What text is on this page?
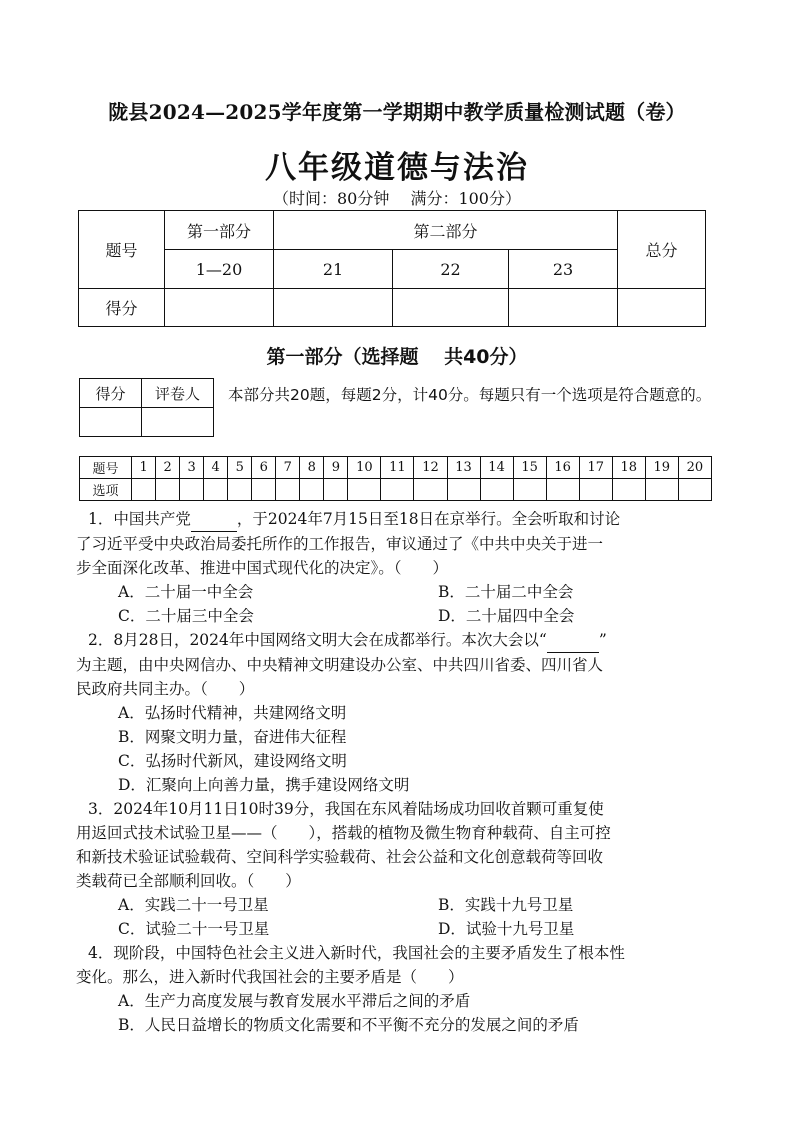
陇县2024—2025学年度第一学期期中教学质量检测试题（卷）
八年级道德与法治
（时间：80分钟　 满分：100分）
题号	第一部分	第二部分			总分
	1—20	21	22	23	
得分					
第一部分（选择题　 共40分）
得分	评卷人
	本部分共20题，每题2分，计40分。每题只有一个选项是符合题意的。
题号	1	2	3	4	5	6	7	8	9	10	11	12	13	14	15	16	17	18	19	20
选项																				
1．中国共产党	，于2024年7月15日至18日在京举行。全会听取和讨论
了习近平受中央政治局委托所作的工作报告，审议通过了《中共中央关于进一
步全面深化改革、推进中国式现代化的决定》。（　　）
A．二十届一中全会	B．二十届二中全会
C．二十届三中全会	D．二十届四中全会
2．8月28日，2024年中国网络文明大会在成都举行。本次大会以“	”
为主题，由中央网信办、中央精神文明建设办公室、中共四川省委、四川省人
民政府共同主办。（　　）
A．弘扬时代精神，共建网络文明
B．网聚文明力量，奋进伟大征程
C．弘扬时代新风，建设网络文明
D．汇聚向上向善力量，携手建设网络文明
3．2024年10月11日10时39分，我国在东风着陆场成功回收首颗可重复使
用返回式技术试验卫星——（　　），搭载的植物及微生物育种载荷、自主可控
和新技术验证试验载荷、空间科学实验载荷、社会公益和文化创意载荷等回收
类载荷已全部顺利回收。（　　）
A．实践二十一号卫星	B．实践十九号卫星
C．试验二十一号卫星	D．试验十九号卫星
4．现阶段，中国特色社会主义进入新时代，我国社会的主要矛盾发生了根本性
变化。那么，进入新时代我国社会的主要矛盾是（　　）
A．生产力高度发展与教育发展水平滞后之间的矛盾
B．人民日益增长的物质文化需要和不平衡不充分的发展之间的矛盾
